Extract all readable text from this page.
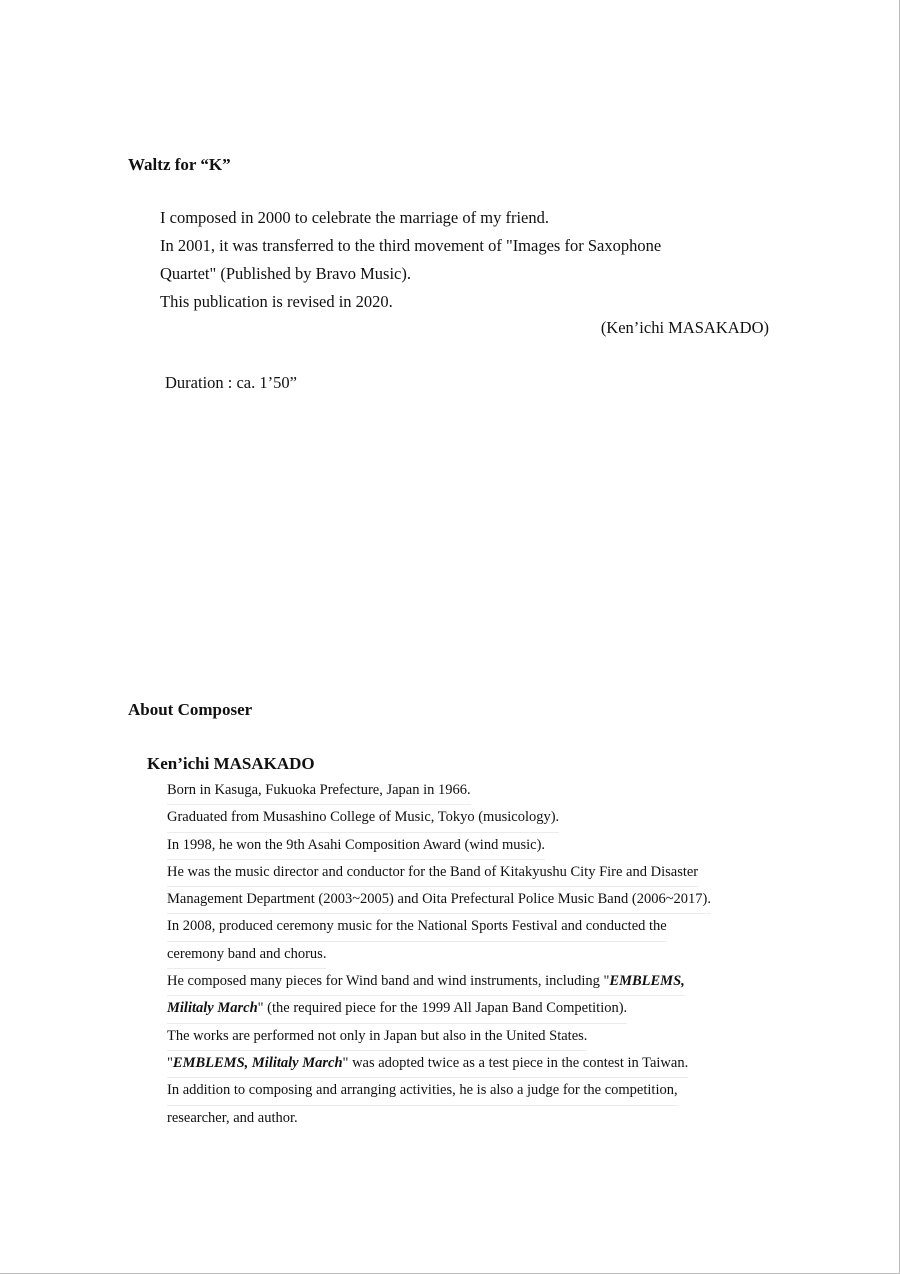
Waltz for “K”
I composed in 2000 to celebrate the marriage of my friend.
In 2001, it was transferred to the third movement of "Images for Saxophone
Quartet" (Published by Bravo Music).
This publication is revised in 2020.
(Ken’ichi MASAKADO)
Duration : ca. 1’50”
About Composer
Ken’ichi MASAKADO
Born in Kasuga, Fukuoka Prefecture, Japan in 1966.
Graduated from Musashino College of Music, Tokyo (musicology).
In 1998, he won the 9th Asahi Composition Award (wind music).
He was the music director and conductor for the Band of Kitakyushu City Fire and Disaster
Management Department (2003~2005) and Oita Prefectural Police Music Band (2006~2017).
In 2008, produced ceremony music for the National Sports Festival and conducted the
ceremony band and chorus.
He composed many pieces for Wind band and wind instruments, including "EMBLEMS,
Militaly March" (the required piece for the 1999 All Japan Band Competition).
The works are performed not only in Japan but also in the United States.
"EMBLEMS, Militaly March" was adopted twice as a test piece in the contest in Taiwan.
In addition to composing and arranging activities, he is also a judge for the competition,
researcher, and author.
